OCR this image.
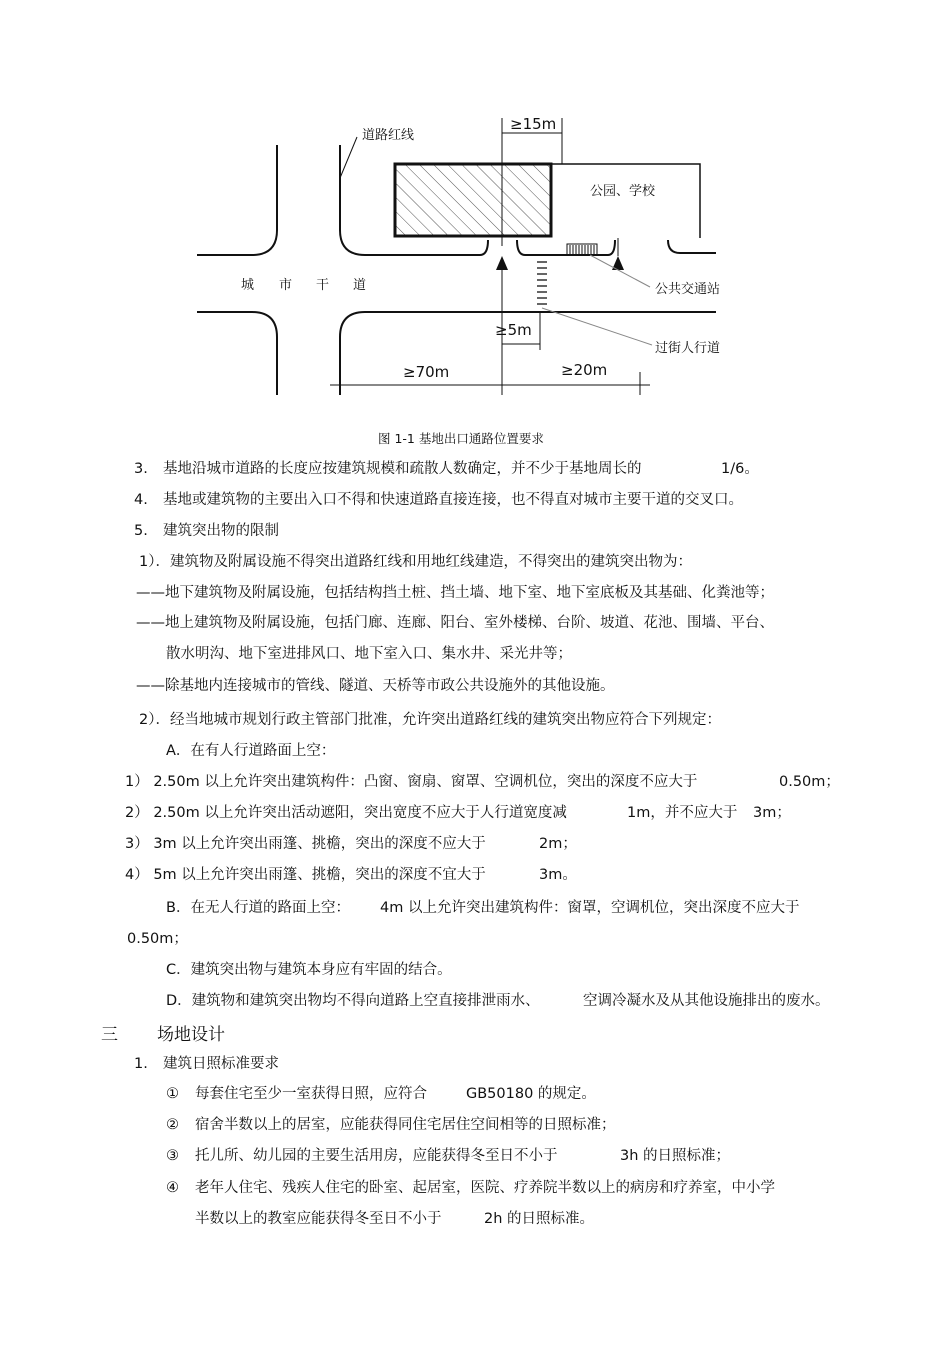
道路红线
≥15m
公园、学校
城 市 干 道	公共交通站
≥5m
过街人行道
≥70m	≥20m
图 1-1 基地出口通路位置要求
3. 基地沿城市道路的长度应按建筑规模和疏散人数确定，并不少于基地周长的	1/6。
4. 基地或建筑物的主要出入口不得和快速道路直接连接，也不得直对城市主要干道的交叉口。
5. 建筑突出物的限制
1）．建筑物及附属设施不得突出道路红线和用地红线建造，不得突出的建筑突出物为：
——地下建筑物及附属设施，包括结构挡土桩、挡土墙、地下室、地下室底板及其基础、化粪池等；
——地上建筑物及附属设施，包括门廊、连廊、阳台、室外楼梯、台阶、坡道、花池、围墙、平台、
散水明沟、地下室进排风口、地下室入口、集水井、采光井等；
——除基地内连接城市的管线、隧道、天桥等市政公共设施外的其他设施。
2）．经当地城市规划行政主管部门批准，允许突出道路红线的建筑突出物应符合下列规定：
A．在有人行道路面上空：
1） 2.50m 以上允许突出建筑构件：凸窗、窗扇、窗罩、空调机位，突出的深度不应大于	0.50m；
2） 2.50m 以上允许突出活动遮阳，突出宽度不应大于人行道宽度减	1m，并不应大于 3m；
3） 3m 以上允许突出雨篷、挑檐，突出的深度不应大于	2m；
4） 5m 以上允许突出雨篷、挑檐，突出的深度不宜大于	3m。
B．在无人行道的路面上空： 4m 以上允许突出建筑构件：窗罩，空调机位，突出深度不应大于
0.50m；
C．建筑突出物与建筑本身应有牢固的结合。
D．建筑物和建筑突出物均不得向道路上空直接排泄雨水、	空调冷凝水及从其他设施排出的废水。
三 场地设计
1. 建筑日照标准要求
① 每套住宅至少一室获得日照，应符合	GB50180 的规定。
② 宿舍半数以上的居室，应能获得同住宅居住空间相等的日照标准；
③ 托儿所、幼儿园的主要生活用房，应能获得冬至日不小于	3h 的日照标准；
④ 老年人住宅、残疾人住宅的卧室、起居室，医院、疗养院半数以上的病房和疗养室，中小学
半数以上的教室应能获得冬至日不小于	2h 的日照标准。
